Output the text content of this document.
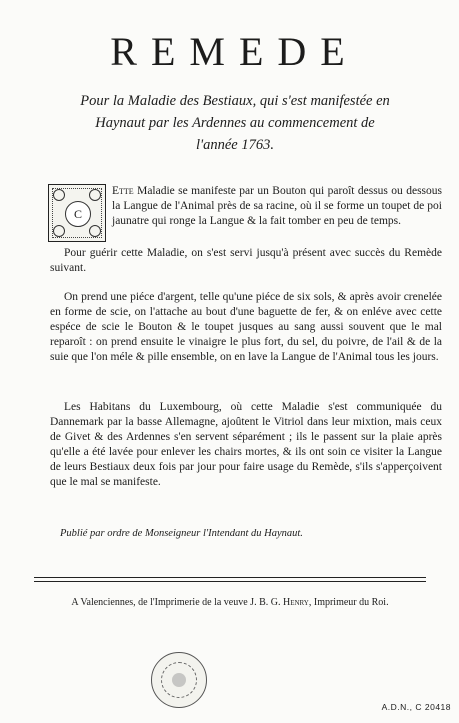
REMEDE
Pour la Maladie des Bestiaux, qui s'est manifestée en
Haynaut par les Ardennes au commencement de
l'année 1763.
C
Ette Maladie se manifeste par un Bouton qui paroît dessus ou dessous la Langue de l'Animal près de sa racine, où il se forme un toupet de poi jaunatre qui ronge la Langue & la fait tomber en peu de temps.
Pour guérir cette Maladie, on s'est servi jusqu'à présent avec succès du Remède suivant.
On prend une piéce d'argent, telle qu'une piéce de six sols, & après avoir crenelée en forme de scie, on l'attache au bout d'une baguette de fer, & on enléve avec cette espéce de scie le Bouton & le toupet jusques au sang aussi souvent que le mal reparoît : on prend ensuite le vinaigre le plus fort, du sel, du poivre, de l'ail & de la suie que l'on méle & pille ensemble, on en lave la Langue de l'Animal tous les jours.
Les Habitans du Luxembourg, où cette Maladie s'est communiquée du Dannemark par la basse Allemagne, ajoûtent le Vitriol dans leur mixtion, mais ceux de Givet & des Ardennes s'en servent séparément ; ils le passent sur la plaie après qu'elle a été lavée pour enlever les chairs mortes, & ils ont soin ce visiter la Langue de leurs Bestiaux deux fois par jour pour faire usage du Remède, s'ils s'apperçoivent que le mal se manifeste.
Publié par ordre de Monseigneur l'Intendant du Haynaut.
A Valenciennes, de l'Imprimerie de la veuve J. B. G. Henry, Imprimeur du Roi.
A.D.N., C 20418
